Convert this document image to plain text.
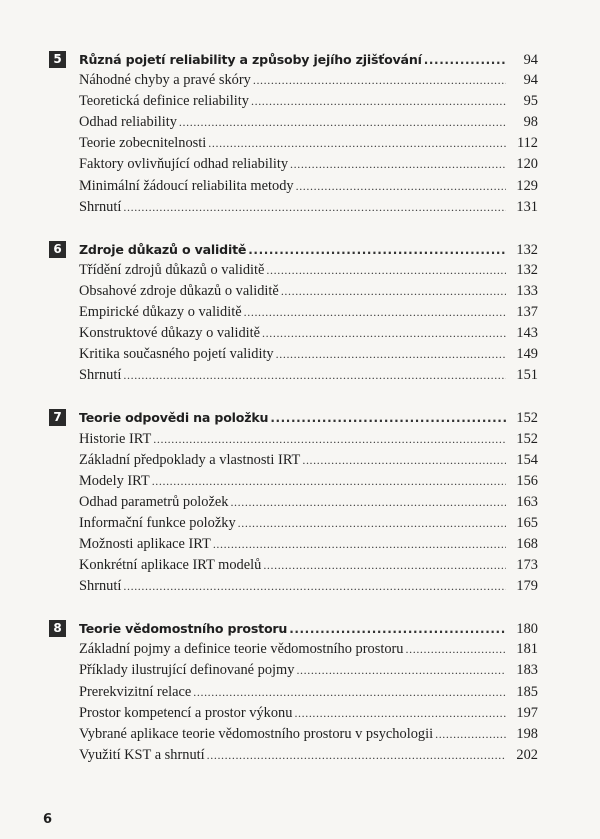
5	Různá pojetí reliability a způsoby jejího zjišťování .....	94
Náhodné chyby a pravé skóry .....	94
Teoretická definice reliability .....	95
Odhad reliability .....	98
Teorie zobecnitelnosti .....	112
Faktory ovlivňující odhad reliability .....	120
Minimální žádoucí reliabilita metody .....	129
Shrnutí .....	131
6	Zdroje důkazů o validitě .....	132
Třídění zdrojů důkazů o validitě .....	132
Obsahové zdroje důkazů o validitě .....	133
Empirické důkazy o validitě .....	137
Konstruktové důkazy o validitě .....	143
Kritika současného pojetí validity .....	149
Shrnutí .....	151
7	Teorie odpovědi na položku .....	152
Historie IRT .....	152
Základní předpoklady a vlastnosti IRT .....	154
Modely IRT .....	156
Odhad parametrů položek .....	163
Informační funkce položky .....	165
Možnosti aplikace IRT .....	168
Konkrétní aplikace IRT modelů .....	173
Shrnutí .....	179
8	Teorie vědomostního prostoru .....	180
Základní pojmy a definice teorie vědomostního prostoru .....	181
Příklady ilustrující definované pojmy .....	183
Prerekvizitní relace .....	185
Prostor kompetencí a prostor výkonu .....	197
Vybrané aplikace teorie vědomostního prostoru v psychologii .....	198
Využití KST a shrnutí .....	202
6
